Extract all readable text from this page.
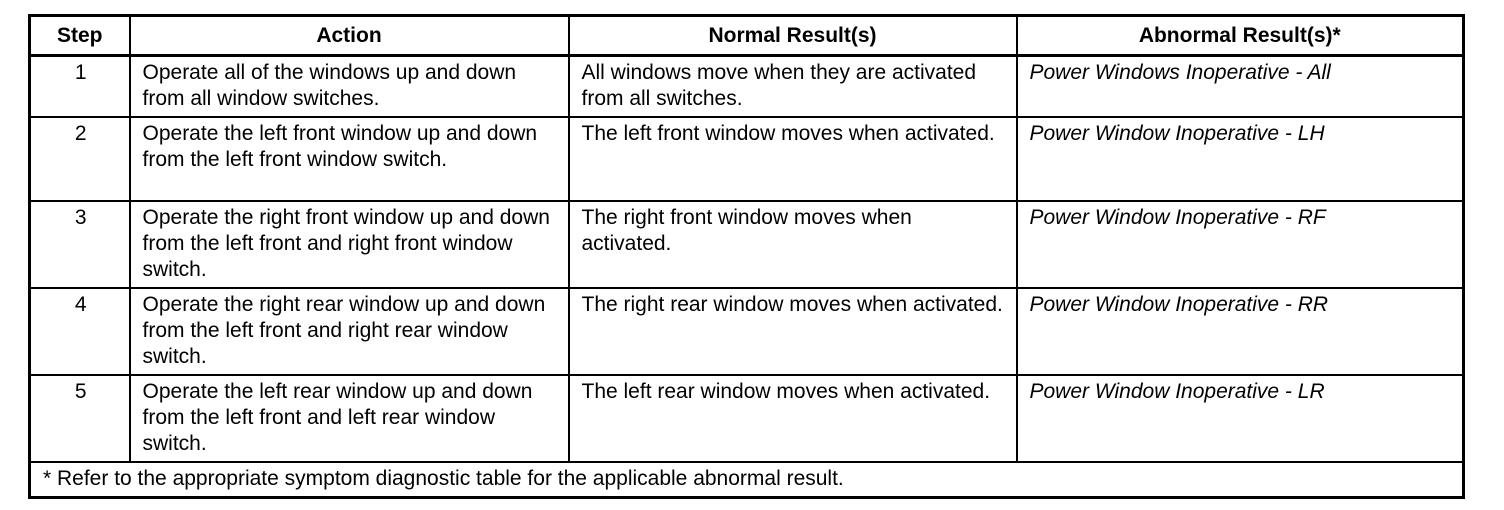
Step	Action	Normal Result(s)	Abnormal Result(s)*
1	Operate all of the windows up and down from all window switches.	All windows move when they are activated from all switches.	Power Windows Inoperative - All
2	Operate the left front window up and down from the left front window switch.	The left front window moves when activated.	Power Window Inoperative - LH
3	Operate the right front window up and down from the left front and right front window switch.	The right front window moves when activated.	Power Window Inoperative - RF
4	Operate the right rear window up and down from the left front and right rear window switch.	The right rear window moves when activated.	Power Window Inoperative - RR
5	Operate the left rear window up and down from the left front and left rear window switch.	The left rear window moves when activated.	Power Window Inoperative - LR
* Refer to the appropriate symptom diagnostic table for the applicable abnormal result.			
